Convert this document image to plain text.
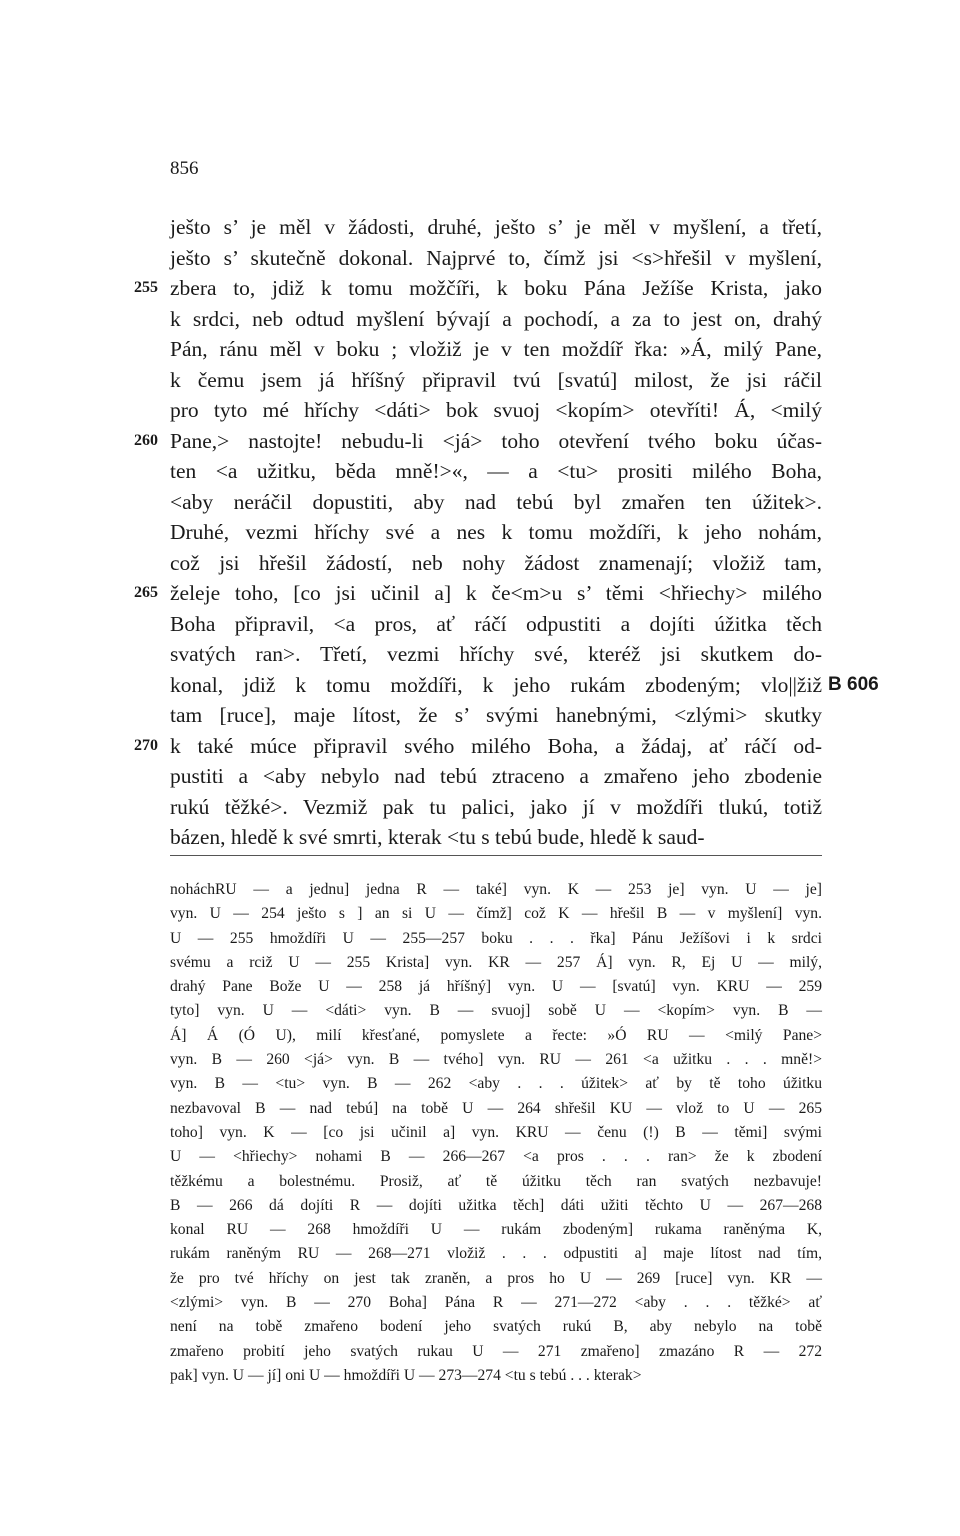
856
ješto s’ je měl v žádosti, druhé, ješto s’ je měl v myšlení, a třetí,
ješto s’ skutečně dokonal. Najprvé to, čímž jsi <s>hřešil v myšlení,
255 zbera to, jdiž k tomu možčíři, k boku Pána Ježíše Krista, jako
k srdci, neb odtud myšlení bývají a pochodí, a za to jest on, drahý
Pán, ránu měl v boku ; vložiž je v ten moždíř řka: »Á, milý Pane,
k čemu jsem já hříšný připravil tvú [svatú] milost, že jsi ráčil
pro tyto mé hříchy <dáti> bok svuoj <kopím> otevříti! Á, <milý
260 Pane,> nastojte! nebudu-li <já> toho otevření tvého boku účas-
ten <a užitku, běda mně!>«, — a <tu> prositi milého Boha,
<aby neráčil dopustiti, aby nad tebú byl zmařen ten úžitek>.
Druhé, vezmi hříchy své a nes k tomu moždíři, k jeho nohám,
což jsi hřešil žádostí, neb nohy žádost znamenají; vložiž tam,
265 želeje toho, [co jsi učinil a] k če<m>u s’ těmi <hřiechy> milého
Boha připravil, <a pros, ať ráčí odpustiti a dojíti úžitka těch
svatých ran>. Třetí, vezmi hříchy své, kteréž jsi skutkem do-
konal, jdiž k tomu moždíři, k jeho rukám zbodeným; vlo||žiž B 606
tam [ruce], maje lítost, že s’ svými hanebnými, <zlými> skutky
270 k také múce připravil svého milého Boha, a žádaj, ať ráčí od-
pustiti a <aby nebylo nad tebú ztraceno a zmařeno jeho zbodenie
rukú těžké>. Vezmiž pak tu palici, jako jí v moždíři tlukú, totiž
bázen, hledě k své smrti, kterak <tu s tebú bude, hledě k saud-
noháchRU — a jednu] jedna R — také] vyn. K — 253 je] vyn. U — je]
vyn. U — 254 ješto s ] an si U — čímž] což K — hřešil B — v myšlení] vyn.
U — 255 hmoždíři U — 255—257 boku . . . řka] Pánu Ježíšovi i k srdci
svému a rciž U — 255 Krista] vyn. KR — 257 Á] vyn. R, Ej U — milý,
drahý Pane Bože U — 258 já hříšný] vyn. U — [svatú] vyn. KRU — 259
tyto] vyn. U — <dáti> vyn. B — svuoj] sobě U — <kopím> vyn. B —
Á] Á (Ó U), milí křesťané, pomyslete a řecte: »Ó RU — <milý Pane>
vyn. B — 260 <já> vyn. B — tvého] vyn. RU — 261 <a užitku . . . mně!>
vyn. B — <tu> vyn. B — 262 <aby . . . úžitek> ať by tě toho úžitku
nezbavoval B — nad tebú] na tobě U — 264 shřešil KU — vlož to U — 265
toho] vyn. K — [co jsi učinil a] vyn. KRU — čenu (!) B — těmi] svými
U — <hřiechy> nohami B — 266—267 <a pros . . . ran> že k zbodení
těžkému a bolestnému. Prosiž, ať tě úžitku těch ran svatých nezbavuje!
B — 266 dá dojíti R — dojíti užitka těch] dáti užiti těchto U — 267—268
konal RU — 268 hmoždíři U — rukám zbodeným] rukama raněnýma K,
rukám raněným RU — 268—271 vložiž . . . odpustiti a] maje lítost nad tím,
že pro tvé hříchy on jest tak zraněn, a pros ho U — 269 [ruce] vyn. KR —
<zlými> vyn. B — 270 Boha] Pána R — 271—272 <aby . . . těžké> ať
není na tobě zmařeno bodení jeho svatých rukú B, aby nebylo na tobě
zmařeno probití jeho svatých rukau U — 271 zmařeno] zmazáno R — 272
pak] vyn. U — jí] oni U — hmoždíři U — 273—274 <tu s tebú . . . kterak>
